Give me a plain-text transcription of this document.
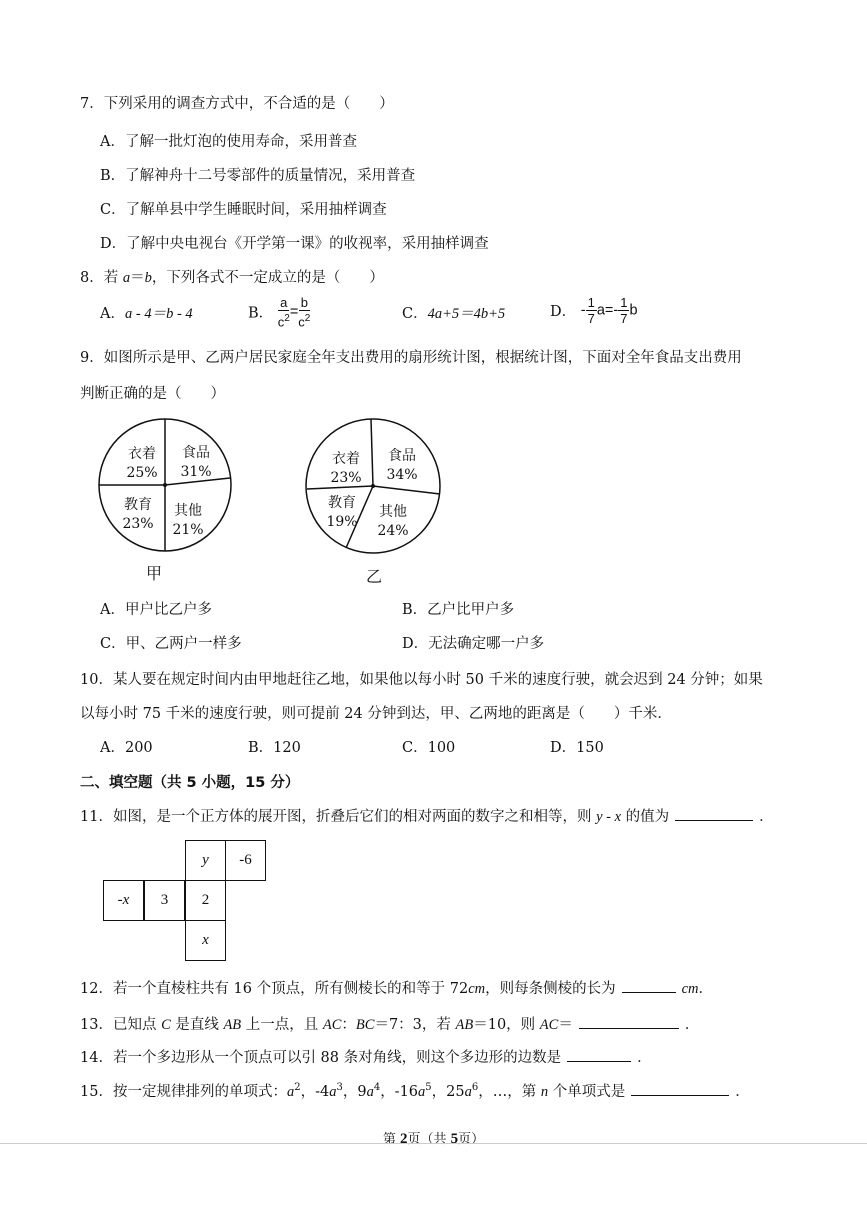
7．下列采用的调查方式中，不合适的是（　　）
A．了解一批灯泡的使用寿命，采用普查
B．了解神舟十二号零部件的质量情况，采用普查
C．了解单县中学生睡眠时间，采用抽样调查
D．了解中央电视台《开学第一课》的收视率，采用抽样调查
8．若 a＝b，下列各式不一定成立的是（　　）
A．a - 4＝b - 4	B． $\frac{a}{c^2} = \frac{b}{c^2}$	C．4a+5＝4b+5	D． - $\frac{1}{7} a=- \frac{1}{7}$ b
9．如图所示是甲、乙两户居民家庭全年支出费用的扇形统计图，根据统计图，下面对全年食品支出费用
判断正确的是（　　）
衣着
25%
食品
31%
其他
21%
教育
23%
甲
衣着
23%
食品
34%
其他
24%
教育
19%
乙
A．甲户比乙户多	B．乙户比甲户多
C．甲、乙两户一样多	D．无法确定哪一户多
10．某人要在规定时间内由甲地赶往乙地，如果他以每小时 50 千米的速度行驶，就会迟到 24 分钟；如果
以每小时 75 千米的速度行驶，则可提前 24 分钟到达，甲、乙两地的距离是（　　）千米．
A．200	B．120	C．100	D．150
二、填空题（共 5 小题，15 分）
11．如图，是一个正方体的展开图，折叠后它们的相对两面的数字之和相等，则 y - x 的值为	．
y -6
-x 3 2
x
12．若一个直棱柱共有 16 个顶点，所有侧棱长的和等于 72cm，则每条侧棱的长为	cm．
13．已知点 C 是直线 AB 上一点，且 AC：BC＝7：3，若 AB＝10，则 AC＝	．
14．若一个多边形从一个顶点可以引 88 条对角线，则这个多边形的边数是	．
15．按一定规律排列的单项式：$a^2$，$-4a^3$，$9a^4$，$-16a^5$，$25a^6$，…，第 n 个单项式是	．
第 2页（共 5页）
